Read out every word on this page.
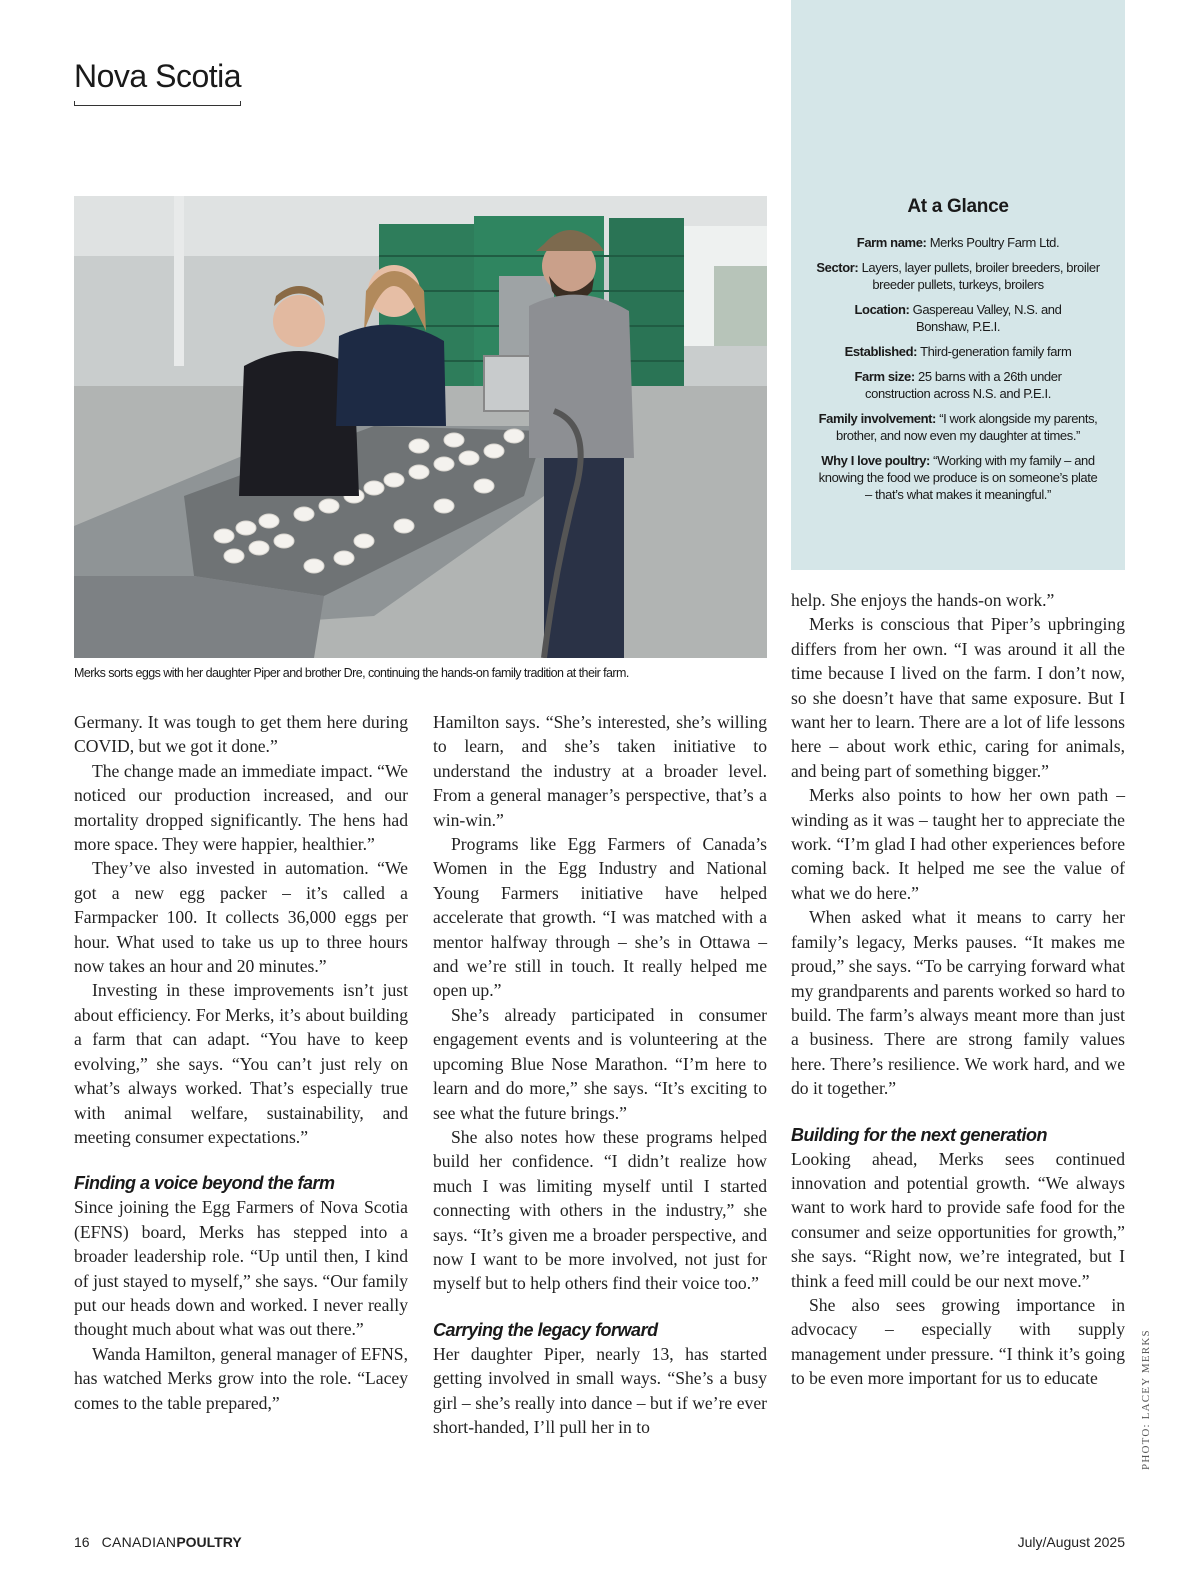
Nova Scotia
Merks sorts eggs with her daughter Piper and brother Dre, continuing the hands-on family tradition at their farm.
At a Glance

Farm name: Merks Poultry Farm Ltd.

Sector: Layers, layer pullets, broiler breeders, broiler breeder pullets, turkeys, broilers

Location: Gaspereau Valley, N.S. and Bonshaw, P.E.I.

Established: Third-generation family farm

Farm size: 25 barns with a 26th under construction across N.S. and P.E.I.

Family involvement: “I work alongside my parents, brother, and now even my daughter at times.”

Why I love poultry: “Working with my family – and knowing the food we produce is on someone’s plate – that’s what makes it meaningful.”

Germany. It was tough to get them here during COVID, but we got it done.”

The change made an immediate impact. “We noticed our production increased, and our mortality dropped significantly. The hens had more space. They were happier, healthier.”

They’ve also invested in automation. “We got a new egg packer – it’s called a Farmpacker 100. It collects 36,000 eggs per hour. What used to take us up to three hours now takes an hour and 20 minutes.”

Investing in these improvements isn’t just about efficiency. For Merks, it’s about building a farm that can adapt. “You have to keep evolving,” she says. “You can’t just rely on what’s always worked. That’s especially true with animal welfare, sustainability, and meeting consumer expectations.”

Finding a voice beyond the farm

Since joining the Egg Farmers of Nova Scotia (EFNS) board, Merks has stepped into a broader leadership role. “Up until then, I kind of just stayed to myself,” she says. “Our family put our heads down and worked. I never really thought much about what was out there.”

Wanda Hamilton, general manager of EFNS, has watched Merks grow into the role. “Lacey comes to the table prepared,”

Hamilton says. “She’s interested, she’s willing to learn, and she’s taken initiative to understand the industry at a broader level. From a general manager’s perspective, that’s a win-win.”

Programs like Egg Farmers of Canada’s Women in the Egg Industry and National Young Farmers initiative have helped accelerate that growth. “I was matched with a mentor halfway through – she’s in Ottawa – and we’re still in touch. It really helped me open up.”

She’s already participated in consumer engagement events and is volunteering at the upcoming Blue Nose Marathon. “I’m here to learn and do more,” she says. “It’s exciting to see what the future brings.”

She also notes how these programs helped build her confidence. “I didn’t realize how much I was limiting myself until I started connecting with others in the industry,” she says. “It’s given me a broader perspective, and now I want to be more involved, not just for myself but to help others find their voice too.”

Carrying the legacy forward

Her daughter Piper, nearly 13, has started getting involved in small ways. “She’s a busy girl – she’s really into dance – but if we’re ever short-handed, I’ll pull her in to

help. She enjoys the hands-on work.”

Merks is conscious that Piper’s upbringing differs from her own. “I was around it all the time because I lived on the farm. I don’t now, so she doesn’t have that same exposure. But I want her to learn. There are a lot of life lessons here – about work ethic, caring for animals, and being part of something bigger.”

Merks also points to how her own path – winding as it was – taught her to appreciate the work. “I’m glad I had other experiences before coming back. It helped me see the value of what we do here.”

When asked what it means to carry her family’s legacy, Merks pauses. “It makes me proud,” she says. “To be carrying forward what my grandparents and parents worked so hard to build. The farm’s always meant more than just a business. There are strong family values here. There’s resilience. We work hard, and we do it together.”

Building for the next generation

Looking ahead, Merks sees continued innovation and potential growth. “We always want to work hard to provide safe food for the consumer and seize opportunities for growth,” she says. “Right now, we’re integrated, but I think a feed mill could be our next move.”

She also sees growing importance in advocacy – especially with supply management under pressure. “I think it’s going to be even more important for us to educate	PHOTO: LACEY MERKS
16 CANADIANPOULTRY	July/August 2025
